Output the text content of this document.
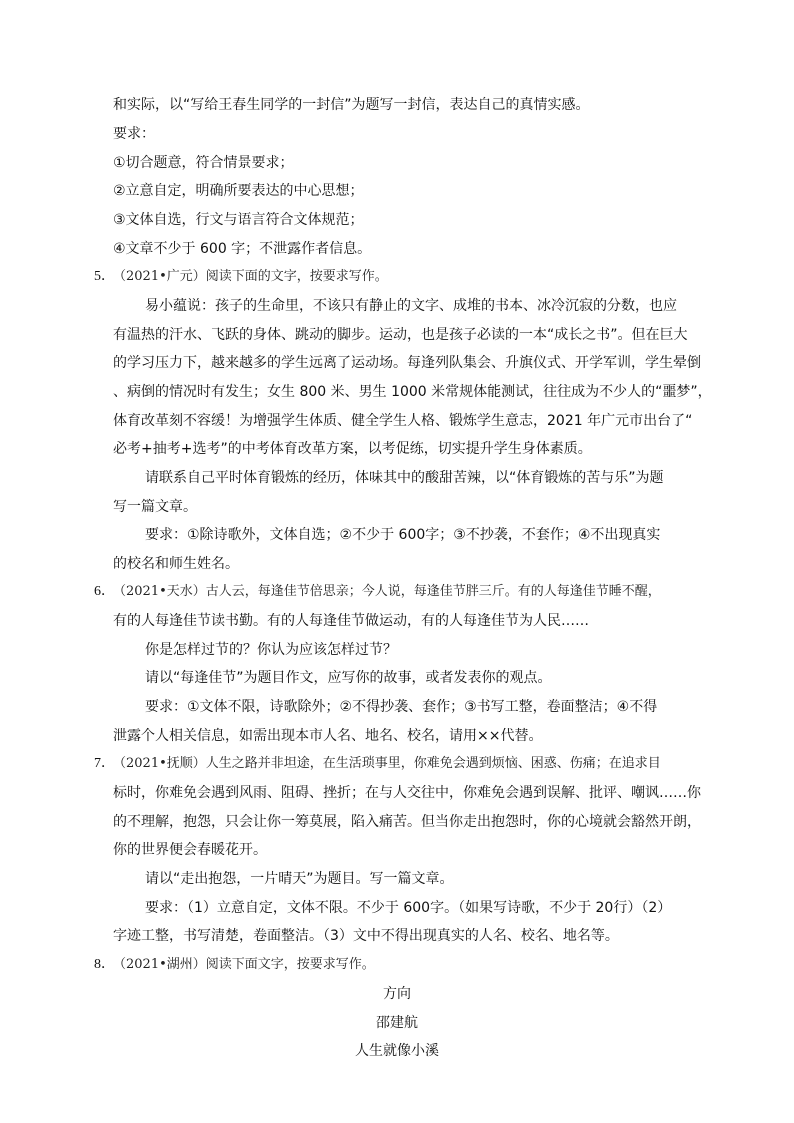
和实际，以“写给王春生同学的一封信”为题写一封信，表达自己的真情实感。
要求：
①切合题意，符合情景要求；
②立意自定，明确所要表达的中心思想；
③文体自选，行文与语言符合文体规范；
④文章不少于 600 字；不泄露作者信息。
5．
（2021•广元）阅读下面的文字，按要求写作。
易小蕴说：孩子的生命里，不该只有静止的文字、成堆的书本、冰冷沉寂的分数，也应
有温热的汗水、飞跃的身体、跳动的脚步。运动，也是孩子必读的一本“成长之书”。但在巨大
的学习压力下，越来越多的学生远离了运动场。每逢列队集会、升旗仪式、开学军训，学生晕倒
、病倒的情况时有发生；女生 800 米、男生 1000 米常规体能测试，往往成为不少人的“噩梦”，
体育改革刻不容缓！为增强学生体质、健全学生人格、锻炼学生意志，2021 年广元市出台了“
必考+抽考+选考”的中考体育改革方案，以考促练，切实提升学生身体素质。
请联系自己平时体育锻炼的经历，体味其中的酸甜苦辣，以“体育锻炼的苦与乐”为题
写一篇文章。
要求：①除诗歌外，文体自选；②不少于 600字；③不抄袭，不套作；④不出现真实
的校名和师生姓名。
6．
（2021•天水）古人云，每逢佳节倍思亲；今人说，每逢佳节胖三斤。有的人每逢佳节睡不醒，
有的人每逢佳节读书勤。有的人每逢佳节做运动，有的人每逢佳节为人民……
你是怎样过节的？你认为应该怎样过节？
请以“每逢佳节”为题目作文，应写你的故事，或者发表你的观点。
要求：①文体不限，诗歌除外；②不得抄袭、套作；③书写工整，卷面整洁；④不得
泄露个人相关信息，如需出现本市人名、地名、校名，请用××代替。
7．
（2021•抚顺）人生之路并非坦途，在生活琐事里，你难免会遇到烦恼、困惑、伤痛；在追求目
标时，你难免会遇到风雨、阻碍、挫折；在与人交往中，你难免会遇到误解、批评、嘲讽……你
的不理解，抱怨，只会让你一筹莫展，陷入痛苦。但当你走出抱怨时，你的心境就会豁然开朗，
你的世界便会春暖花开。
请以“走出抱怨，一片晴天”为题目。写一篇文章。
要求：（1）立意自定，文体不限。不少于 600字。（如果写诗歌，不少于 20行）（2）
字迹工整，书写清楚，卷面整洁。（3）文中不得出现真实的人名、校名、地名等。
8．
（2021•湖州）阅读下面文字，按要求写作。
方向
邵建航
人生就像小溪
